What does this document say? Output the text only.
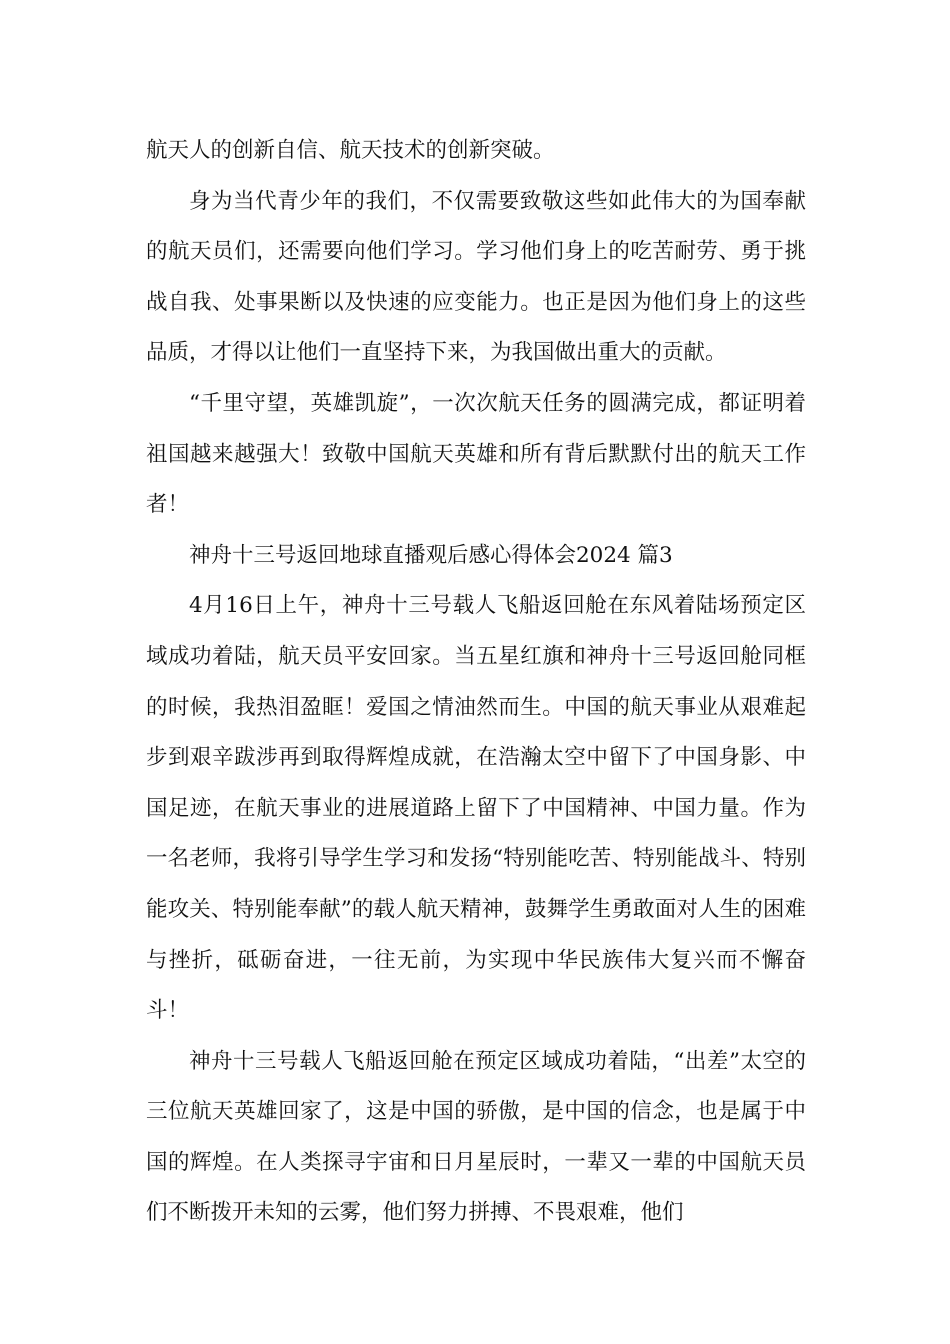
航天人的创新自信、航天技术的创新突破。

身为当代青少年的我们，不仅需要致敬这些如此伟大的为国奉献的航天员们，还需要向他们学习。学习他们身上的吃苦耐劳、勇于挑战自我、处事果断以及快速的应变能力。也正是因为他们身上的这些品质，才得以让他们一直坚持下来，为我国做出重大的贡献。

“千里守望，英雄凯旋”，一次次航天任务的圆满完成，都证明着祖国越来越强大！致敬中国航天英雄和所有背后默默付出的航天工作者！

神舟十三号返回地球直播观后感心得体会2024 篇3

4月16日上午，神舟十三号载人飞船返回舱在东风着陆场预定区域成功着陆，航天员平安回家。当五星红旗和神舟十三号返回舱同框的时候，我热泪盈眶！爱国之情油然而生。中国的航天事业从艰难起步到艰辛跋涉再到取得辉煌成就，在浩瀚太空中留下了中国身影、中国足迹，在航天事业的进展道路上留下了中国精神、中国力量。作为一名老师，我将引导学生学习和发扬“特别能吃苦、特别能战斗、特别能攻关、特别能奉献”的载人航天精神，鼓舞学生勇敢面对人生的困难与挫折，砥砺奋进，一往无前，为实现中华民族伟大复兴而不懈奋斗！

神舟十三号载人飞船返回舱在预定区域成功着陆，“出差”太空的三位航天英雄回家了，这是中国的骄傲，是中国的信念，也是属于中国的辉煌。在人类探寻宇宙和日月星辰时，一辈又一辈的中国航天员们不断拨开未知的云雾，他们努力拼搏、不畏艰难，他们
